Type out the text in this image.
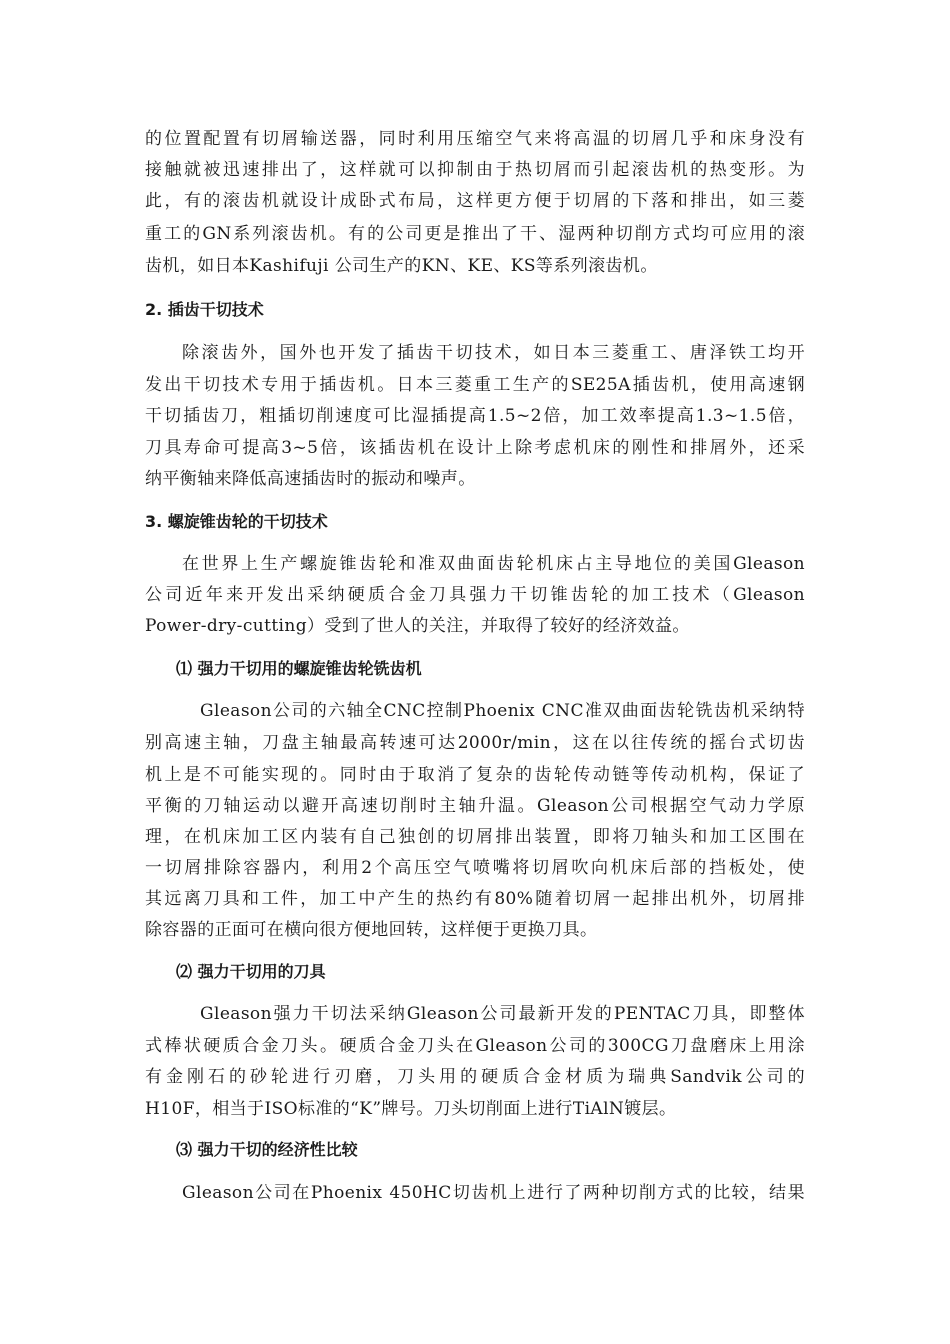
的位置配置有切屑输送器，同时利用压缩空气来将高温的切屑几乎和床身没有
接触就被迅速排出了，这样就可以抑制由于热切屑而引起滚齿机的热变形。为
此，有的滚齿机就设计成卧式布局，这样更方便于切屑的下落和排出，如三菱
重工的GN系列滚齿机。有的公司更是推出了干、湿两种切削方式均可应用的滚
齿机，如日本Kashifuji 公司生产的KN、KE、KS等系列滚齿机。
2. 插齿干切技术
除滚齿外，国外也开发了插齿干切技术，如日本三菱重工、唐泽铁工均开
发出干切技术专用于插齿机。日本三菱重工生产的SE25A插齿机，使用高速钢
干切插齿刀，粗插切削速度可比湿插提高1.5~2倍，加工效率提高1.3~1.5倍，
刀具寿命可提高3~5倍，该插齿机在设计上除考虑机床的刚性和排屑外，还采
纳平衡轴来降低高速插齿时的振动和噪声。
3. 螺旋锥齿轮的干切技术
在世界上生产螺旋锥齿轮和准双曲面齿轮机床占主导地位的美国Gleason
公司近年来开发出采纳硬质合金刀具强力干切锥齿轮的加工技术（Gleason
Power-dry-cutting）受到了世人的关注，并取得了较好的经济效益。
⑴ 强力干切用的螺旋锥齿轮铣齿机
Gleason公司的六轴全CNC控制Phoenix CNC准双曲面齿轮铣齿机采纳特
别高速主轴，刀盘主轴最高转速可达2000r/min，这在以往传统的摇台式切齿
机上是不可能实现的。同时由于取消了复杂的齿轮传动链等传动机构，保证了
平衡的刀轴运动以避开高速切削时主轴升温。Gleason公司根据空气动力学原
理，在机床加工区内装有自己独创的切屑排出装置，即将刀轴头和加工区围在
一切屑排除容器内，利用2个高压空气喷嘴将切屑吹向机床后部的挡板处，使
其远离刀具和工件，加工中产生的热约有80%随着切屑一起排出机外，切屑排
除容器的正面可在横向很方便地回转，这样便于更换刀具。
⑵ 强力干切用的刀具
Gleason强力干切法采纳Gleason公司最新开发的PENTAC刀具，即整体
式棒状硬质合金刀头。硬质合金刀头在Gleason公司的300CG刀盘磨床上用涂
有金刚石的砂轮进行刃磨，刀头用的硬质合金材质为瑞典Sandvik公司的
H10F，相当于ISO标准的“K”牌号。刀头切削面上进行TiAlN镀层。
⑶ 强力干切的经济性比较
Gleason公司在Phoenix 450HC切齿机上进行了两种切削方式的比较，结果
